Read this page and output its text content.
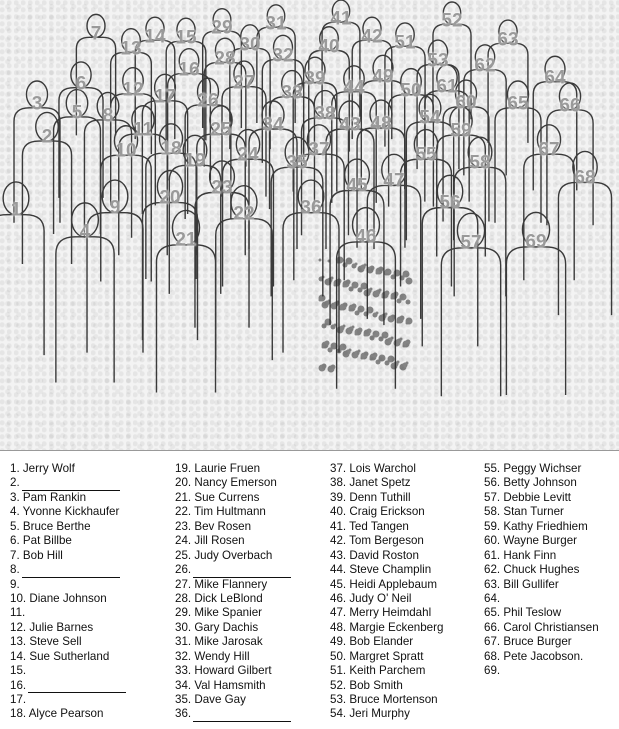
1
2
3
4
5
6
7
8
9
10
11
12
13
14 15
16
17
18
19
20
21
22
23
24
25
26
27
28
29
30
31
32
33
34
35
36
37
38
39
40
41
42
43
44
45
46
47
48
49
50
51
52
53
54
55
56
57
58
59
60
61
62
63
64
65 66
67
68
69
1. Jerry Wolf
2.
3. Pam Rankin
4. Yvonne Kickhaufer
5. Bruce Berthe
6. Pat Billbe
7. Bob Hill
8.
9.
10. Diane Johnson
11.
12. Julie Barnes
13. Steve Sell
14. Sue Sutherland
15.
16.
17.
18. Alyce Pearson
19. Laurie Fruen
20. Nancy Emerson
21. Sue Currens
22. Tim Hultmann
23. Bev Rosen
24. Jill Rosen
25. Judy Overbach
26.
27. Mike Flannery
28. Dick LeBlond
29. Mike Spanier
30. Gary Dachis
31. Mike Jarosak
32. Wendy Hill
33. Howard Gilbert
34. Val Hamsmith
35. Dave Gay
36.
37. Lois Warchol
38. Janet Spetz
39. Denn Tuthill
40. Craig Erickson
41. Ted Tangen
42. Tom Bergeson
43. David Roston
44. Steve Champlin
45. Heidi Applebaum
46. Judy O' Neil
47. Merry Heimdahl
48. Margie Eckenberg
49. Bob Elander
50. Margret Spratt
51. Keith Parchem
52. Bob Smith
53. Bruce Mortenson
54. Jeri Murphy
55. Peggy Wichser
56. Betty Johnson
57. Debbie Levitt
58. Stan Turner
59. Kathy Friedhiem
60. Wayne Burger
61. Hank Finn
62. Chuck Hughes
63. Bill Gullifer
64.
65. Phil Teslow
66. Carol Christiansen
67. Bruce Burger
68. Pete Jacobson.
69.
